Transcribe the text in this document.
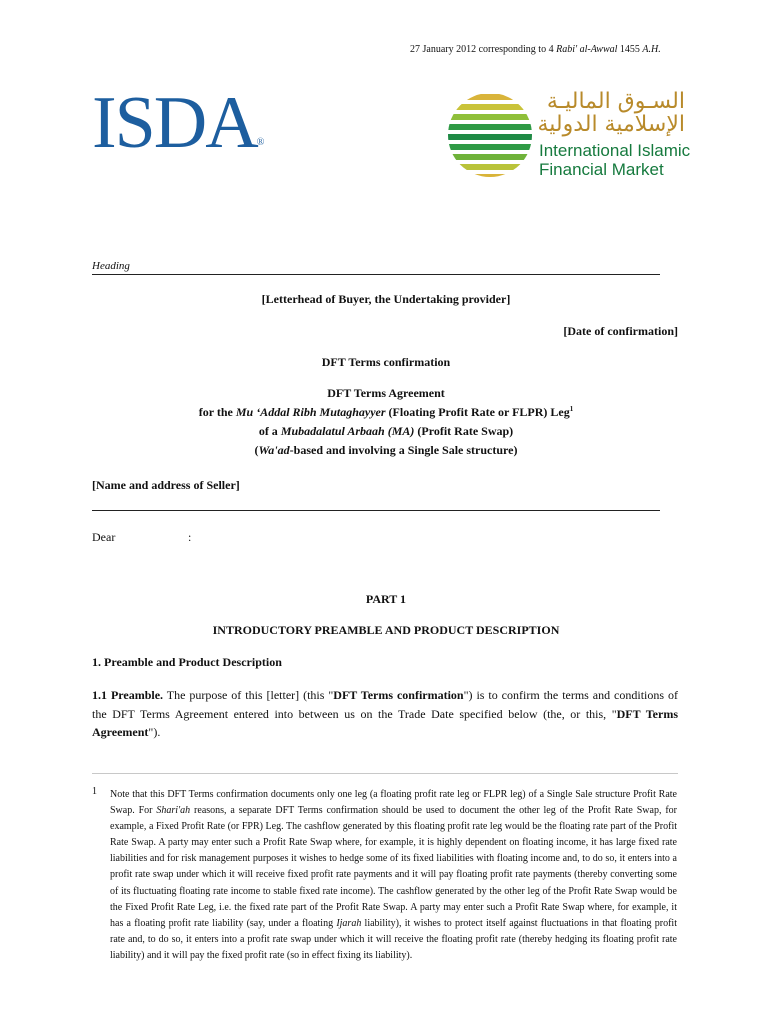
27 January 2012 corresponding to 4 Rabi' al-Awwal 1455 A.H.
ISDA®
السـوق الماليـة
الإسلامية الدولية
International Islamic
Financial Market
Heading
[Letterhead of Buyer, the Undertaking provider]
[Date of confirmation]
DFT Terms confirmation
DFT Terms Agreement
for the Mu ‘Addal Ribh Mutaghayyer (Floating Profit Rate or FLPR) Leg$^1$
of a Mubadalatul Arbaah (MA) (Profit Rate Swap)
(Wa'ad-based and involving a Single Sale structure)
[Name and address of Seller]
Dear	:
PART 1
INTRODUCTORY PREAMBLE AND PRODUCT DESCRIPTION
1. Preamble and Product Description
1.1 Preamble. The purpose of this [letter] (this "DFT Terms confirmation") is to confirm the terms and conditions of the DFT Terms Agreement entered into between us on the Trade Date specified below (the, or this, "DFT Terms Agreement").
1 Note that this DFT Terms confirmation documents only one leg (a floating profit rate leg or FLPR leg) of a Single Sale structure Profit Rate Swap. For Shari'ah reasons, a separate DFT Terms confirmation should be used to document the other leg of the Profit Rate Swap, for example, a Fixed Profit Rate (or FPR) Leg. The cashflow generated by this floating profit rate leg would be the floating rate part of the Profit Rate Swap. A party may enter such a Profit Rate Swap where, for example, it is highly dependent on floating income, it has large fixed rate liabilities and for risk management purposes it wishes to hedge some of its fixed liabilities with floating income and, to do so, it enters into a profit rate swap under which it will receive fixed profit rate payments and it will pay floating profit rate payments (thereby converting some of its fluctuating floating rate income to stable fixed rate income). The cashflow generated by the other leg of the Profit Rate Swap would be the Fixed Profit Rate Leg, i.e. the fixed rate part of the Profit Rate Swap. A party may enter such a Profit Rate Swap where, for example, it has a floating profit rate liability (say, under a floating Ijarah liability), it wishes to protect itself against fluctuations in that floating profit rate and, to do so, it enters into a profit rate swap under which it will receive the floating profit rate (thereby hedging its floating profit rate liability) and it will pay the fixed profit rate (so in effect fixing its liability).
